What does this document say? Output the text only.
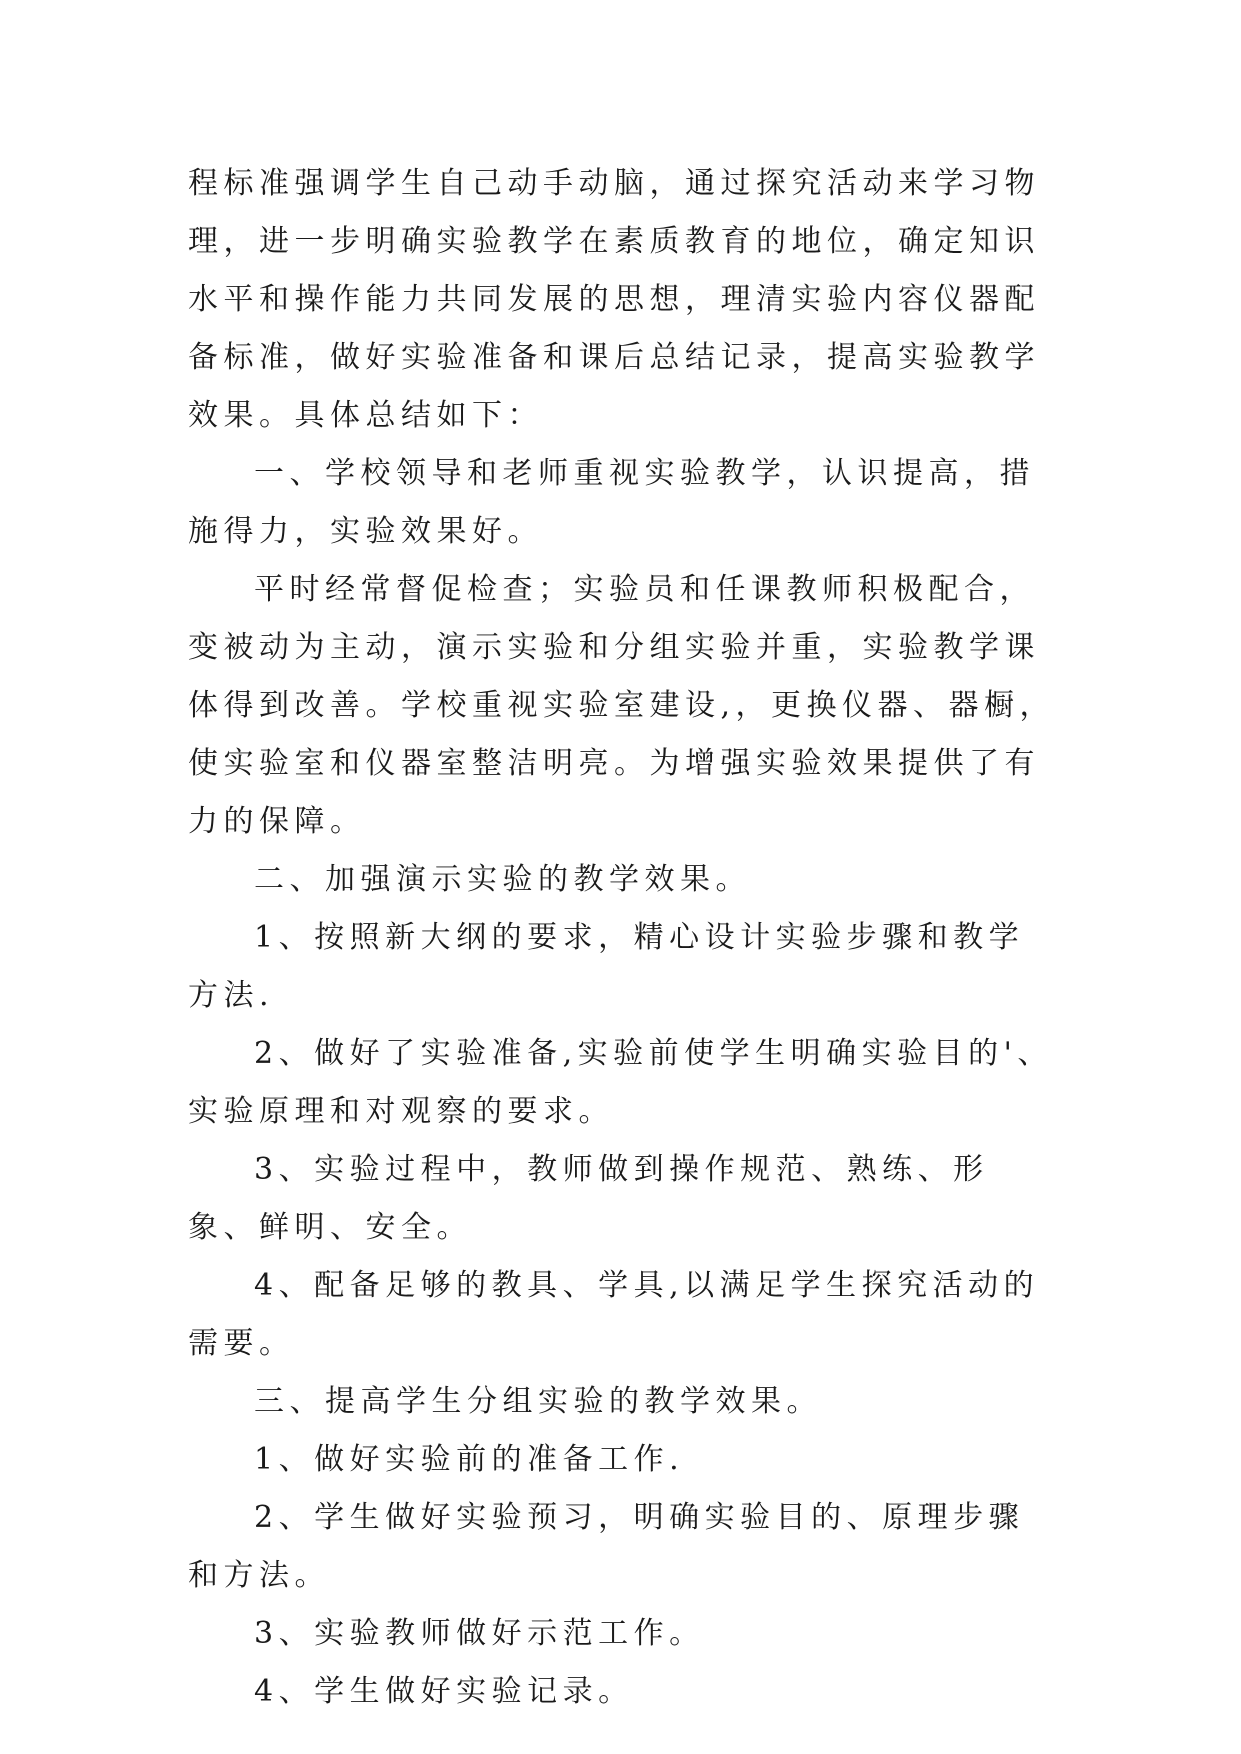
程标准强调学生自己动手动脑，通过探究活动来学习物理，进一步明确实验教学在素质教育的地位，确定知识水平和操作能力共同发展的思想，理清实验内容仪器配备标准，做好实验准备和课后总结记录，提高实验教学效果。具体总结如下：

一、学校领导和老师重视实验教学，认识提高，措施得力，实验效果好。

平时经常督促检查；实验员和任课教师积极配合，变被动为主动，演示实验和分组实验并重，实验教学课体得到改善。学校重视实验室建设,，更换仪器、器橱，使实验室和仪器室整洁明亮。为增强实验效果提供了有力的保障。

二、加强演示实验的教学效果。

1、按照新大纲的要求，精心设计实验步骤和教学方法.

2、做好了实验准备,实验前使学生明确实验目的'、实验原理和对观察的要求。

3、实验过程中，教师做到操作规范、熟练、形象、鲜明、安全。

4、配备足够的教具、学具,以满足学生探究活动的需要。

三、提高学生分组实验的教学效果。

1、做好实验前的准备工作.

2、学生做好实验预习，明确实验目的、原理步骤和方法。

3、实验教师做好示范工作。

4、学生做好实验记录。
